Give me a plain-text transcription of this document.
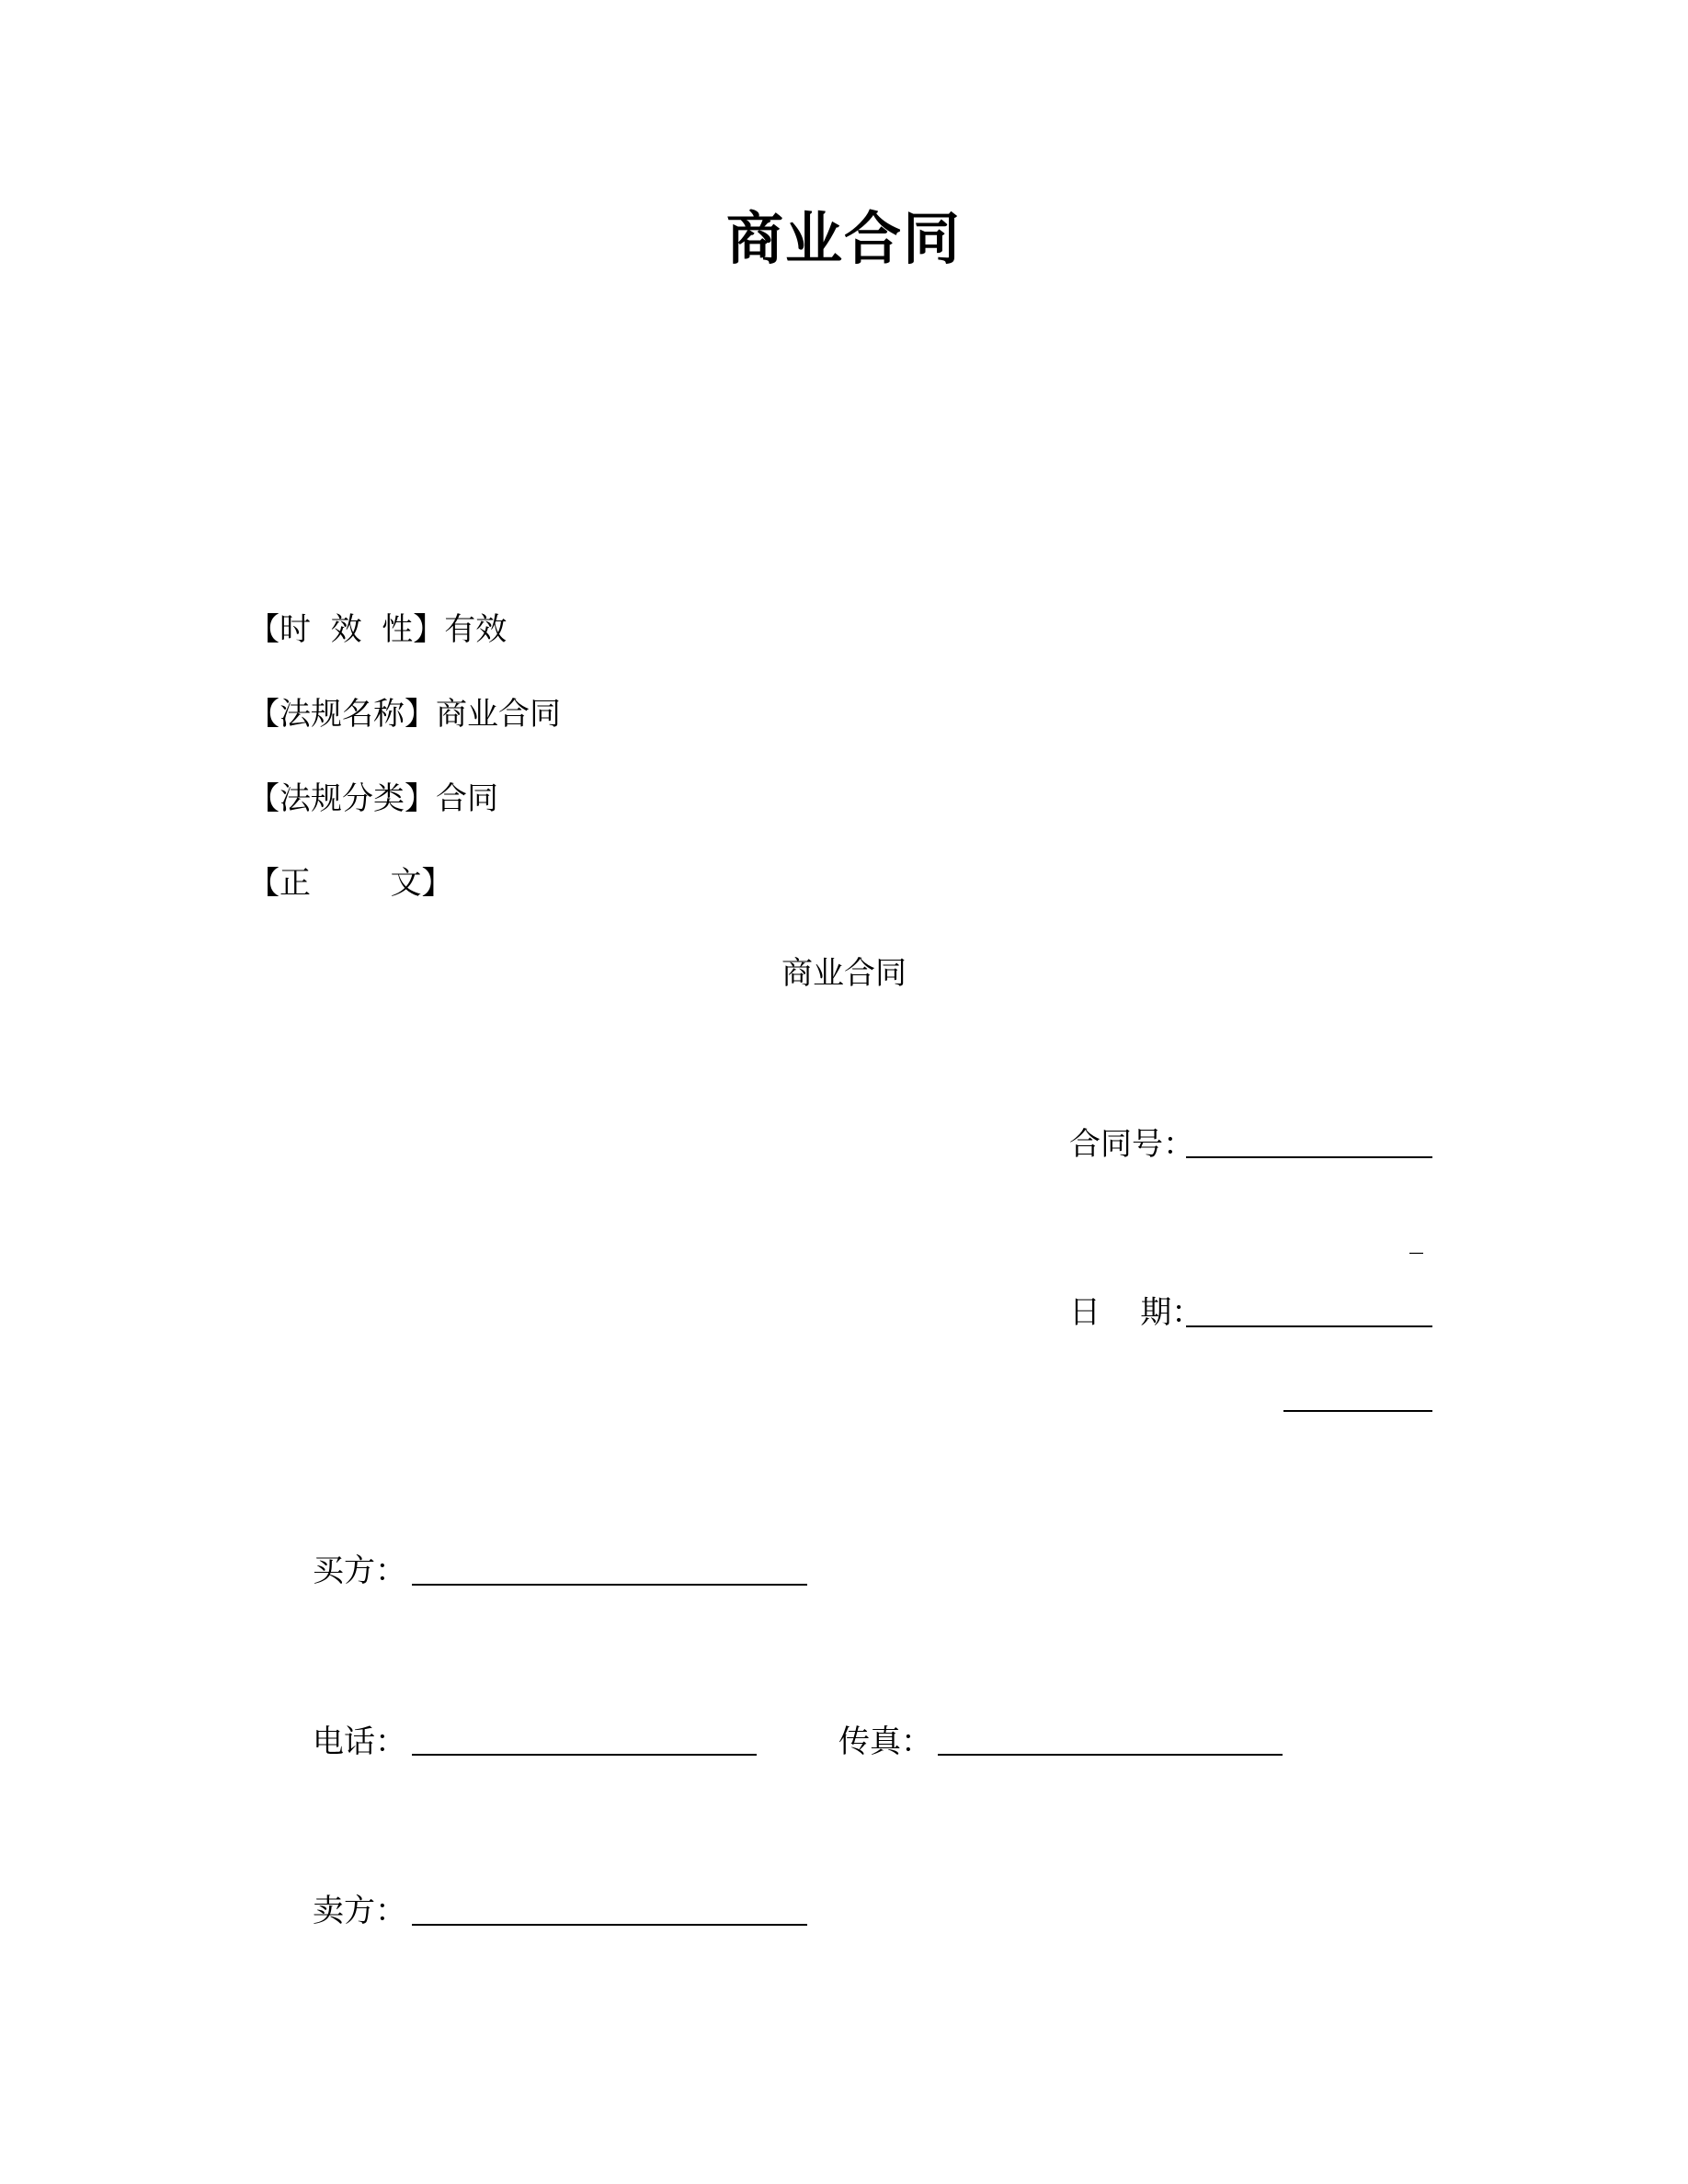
商业合同
【时  效  性】有效
【法规名称】商业合同
【法规分类】合同
【正        文】
商业合同
合同号：
_
日    期：
买方：
电话：	传真：
卖方：
